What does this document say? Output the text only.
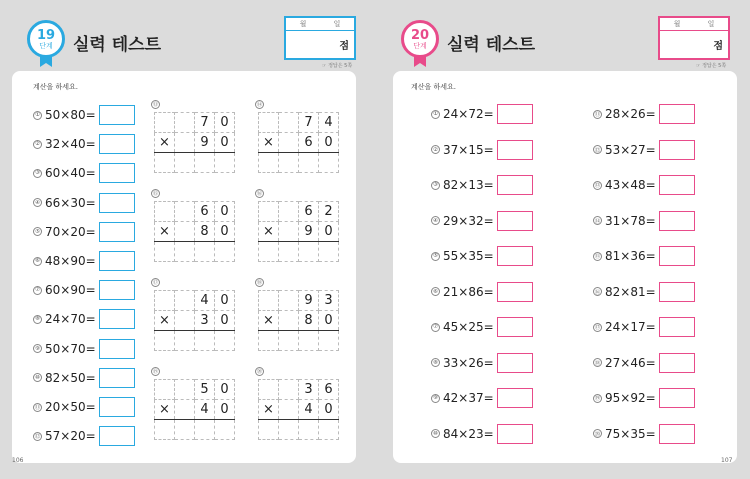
19
단계 실력 테스트
월	일
점
☞ 정답은 5쪽
계산을 하세요.
① 50×80=
② 32×40=
③ 60×40=
④ 66×30=
⑤ 70×20=
⑥ 48×90=
⑦ 60×90=
⑧ 24×70=
⑨ 50×70=
⑩ 82×50=
⑪ 20×50=
⑫ 57×20=
⑬
		7	0
×		9	0

⑭
		7	4
×		6	0

⑮
		6	0
×		8	0

⑯
		6	2
×		9	0

⑰
		4	0
×		3	0

⑱
		9	3
×		8	0

⑲
		5	0
×		4	0

⑳
		3	6
×		4	0

106
20
단계 실력 테스트
월	일
점
☞ 정답은 5쪽
계산을 하세요.
① 24×72=
② 37×15=
③ 82×13=
④ 29×32=
⑤ 55×35=
⑥ 21×86=
⑦ 45×25=
⑧ 33×26=
⑨ 42×37=
⑩ 84×23=
⑪ 28×26=
⑫ 53×27=
⑬ 43×48=
⑭ 31×78=
⑮ 81×36=
⑯ 82×81=
⑰ 24×17=
⑱ 27×46=
⑲ 95×92=
⑳ 75×35=
107
